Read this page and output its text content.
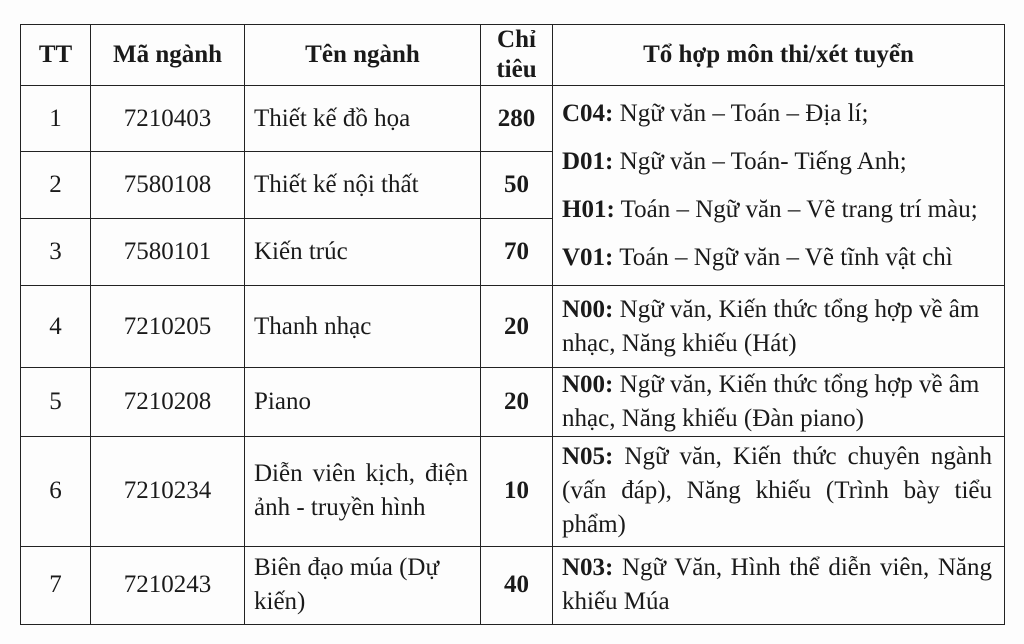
TT	Mã ngành	Tên ngành	Chỉ tiêu	Tổ hợp môn thi/xét tuyển
1	7210403	Thiết kế đồ họa	280	C04: Ngữ văn – Toán – Địa lí;
D01: Ngữ văn – Toán- Tiếng Anh;
H01: Toán – Ngữ văn – Vẽ trang trí màu;
V01: Toán – Ngữ văn – Vẽ tĩnh vật chì

2	7580108	Thiết kế nội thất	50	
3	7580101	Kiến trúc	70	
4	7210205	Thanh nhạc	20	N00: Ngữ văn, Kiến thức tổng hợp về âm nhạc, Năng khiếu (Hát)
5	7210208	Piano	20	N00: Ngữ văn, Kiến thức tổng hợp về âm nhạc, Năng khiếu (Đàn piano)
6	7210234	Diễn viên kịch, điện ảnh - truyền hình	10	N05: Ngữ văn, Kiến thức chuyên ngành (vấn đáp), Năng khiếu (Trình bày tiểu phẩm)
7	7210243	Biên đạo múa (Dự kiến)	40	N03: Ngữ Văn, Hình thể diễn viên, Năng khiếu Múa
